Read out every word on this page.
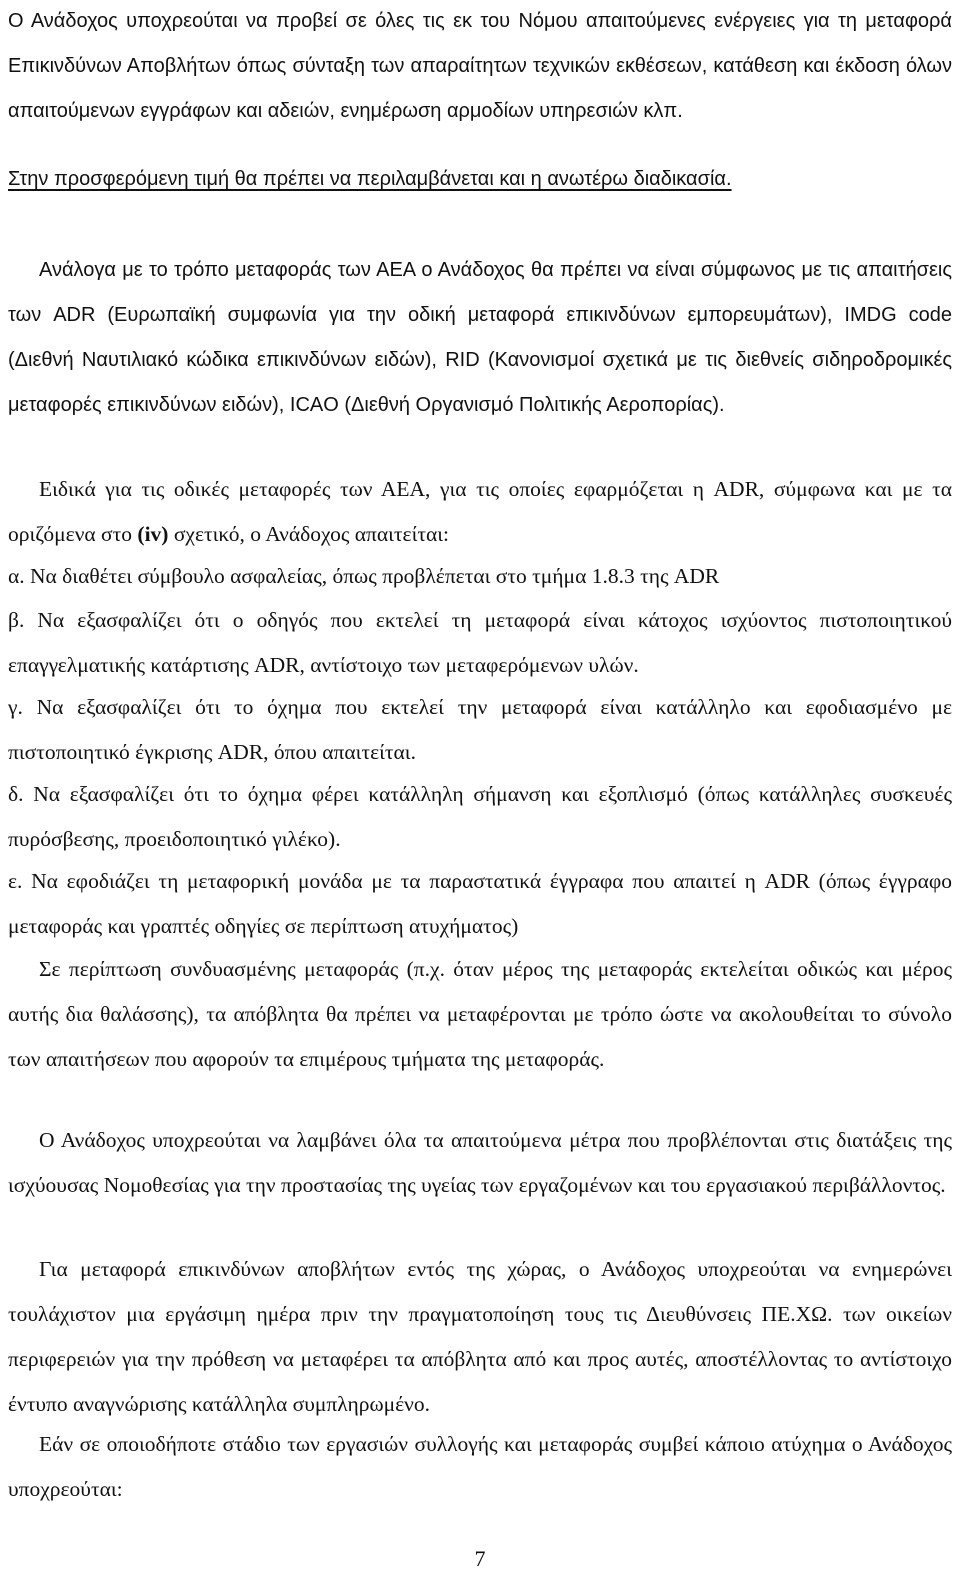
Ο Ανάδοχος υποχρεούται να προβεί σε όλες τις εκ του Νόμου απαιτούμενες ενέργειες για τη μεταφορά Επικινδύνων Αποβλήτων όπως σύνταξη των απαραίτητων τεχνικών εκθέσεων, κατάθεση και έκδοση όλων απαιτούμενων εγγράφων και αδειών, ενημέρωση αρμοδίων υπηρεσιών κλπ.

Στην προσφερόμενη τιμή θα πρέπει να περιλαμβάνεται και η ανωτέρω διαδικασία.

Ανάλογα με το τρόπο μεταφοράς των ΑΕΑ ο Ανάδοχος θα πρέπει να είναι σύμφωνος με τις απαιτήσεις των ADR (Ευρωπαϊκή συμφωνία για την οδική μεταφορά επικινδύνων εμπορευμάτων), IMDG code (Διεθνή Ναυτιλιακό κώδικα επικινδύνων ειδών), RID (Κανονισμοί σχετικά με τις διεθνείς σιδηροδρομικές μεταφορές επικινδύνων ειδών), ICAO (Διεθνή Οργανισμό Πολιτικής Αεροπορίας).

Ειδικά για τις οδικές μεταφορές των ΑΕΑ, για τις οποίες εφαρμόζεται η ADR, σύμφωνα και με τα οριζόμενα στο (iv) σχετικό, ο Ανάδοχος απαιτείται:

α. Να διαθέτει σύμβουλο ασφαλείας, όπως προβλέπεται στο τμήμα 1.8.3 της ADR

β. Να εξασφαλίζει ότι ο οδηγός που εκτελεί τη μεταφορά είναι κάτοχος ισχύοντος πιστοποιητικού επαγγελματικής κατάρτισης ADR, αντίστοιχο των μεταφερόμενων υλών.

γ. Να εξασφαλίζει ότι το όχημα που εκτελεί την μεταφορά είναι κατάλληλο και εφοδιασμένο με πιστοποιητικό έγκρισης ADR, όπου απαιτείται.

δ. Να εξασφαλίζει ότι το όχημα φέρει κατάλληλη σήμανση και εξοπλισμό (όπως κατάλληλες συσκευές πυρόσβεσης, προειδοποιητικό γιλέκο).

ε. Να εφοδιάζει τη μεταφορική μονάδα με τα παραστατικά έγγραφα που απαιτεί η ADR (όπως έγγραφο μεταφοράς και γραπτές οδηγίες σε περίπτωση ατυχήματος)

Σε περίπτωση συνδυασμένης μεταφοράς (π.χ. όταν μέρος της μεταφοράς εκτελείται οδικώς και μέρος αυτής δια θαλάσσης), τα απόβλητα θα πρέπει να μεταφέρονται με τρόπο ώστε να ακολουθείται το σύνολο των απαιτήσεων που αφορούν τα επιμέρους τμήματα της μεταφοράς.

Ο Ανάδοχος υποχρεούται να λαμβάνει όλα τα απαιτούμενα μέτρα που προβλέπονται στις διατάξεις της ισχύουσας Νομοθεσίας για την προστασίας της υγείας των εργαζομένων και του εργασιακού περιβάλλοντος.

Για μεταφορά επικινδύνων αποβλήτων εντός της χώρας, ο Ανάδοχος υποχρεούται να ενημερώνει τουλάχιστον μια εργάσιμη ημέρα πριν την πραγματοποίηση τους τις Διευθύνσεις ΠΕ.ΧΩ. των οικείων περιφερειών για την πρόθεση να μεταφέρει τα απόβλητα από και προς αυτές, αποστέλλοντας το αντίστοιχο έντυπο αναγνώρισης κατάλληλα συμπληρωμένο.

Εάν σε οποιοδήποτε στάδιο των εργασιών συλλογής και μεταφοράς συμβεί κάποιο ατύχημα ο Ανάδοχος υποχρεούται:

7
